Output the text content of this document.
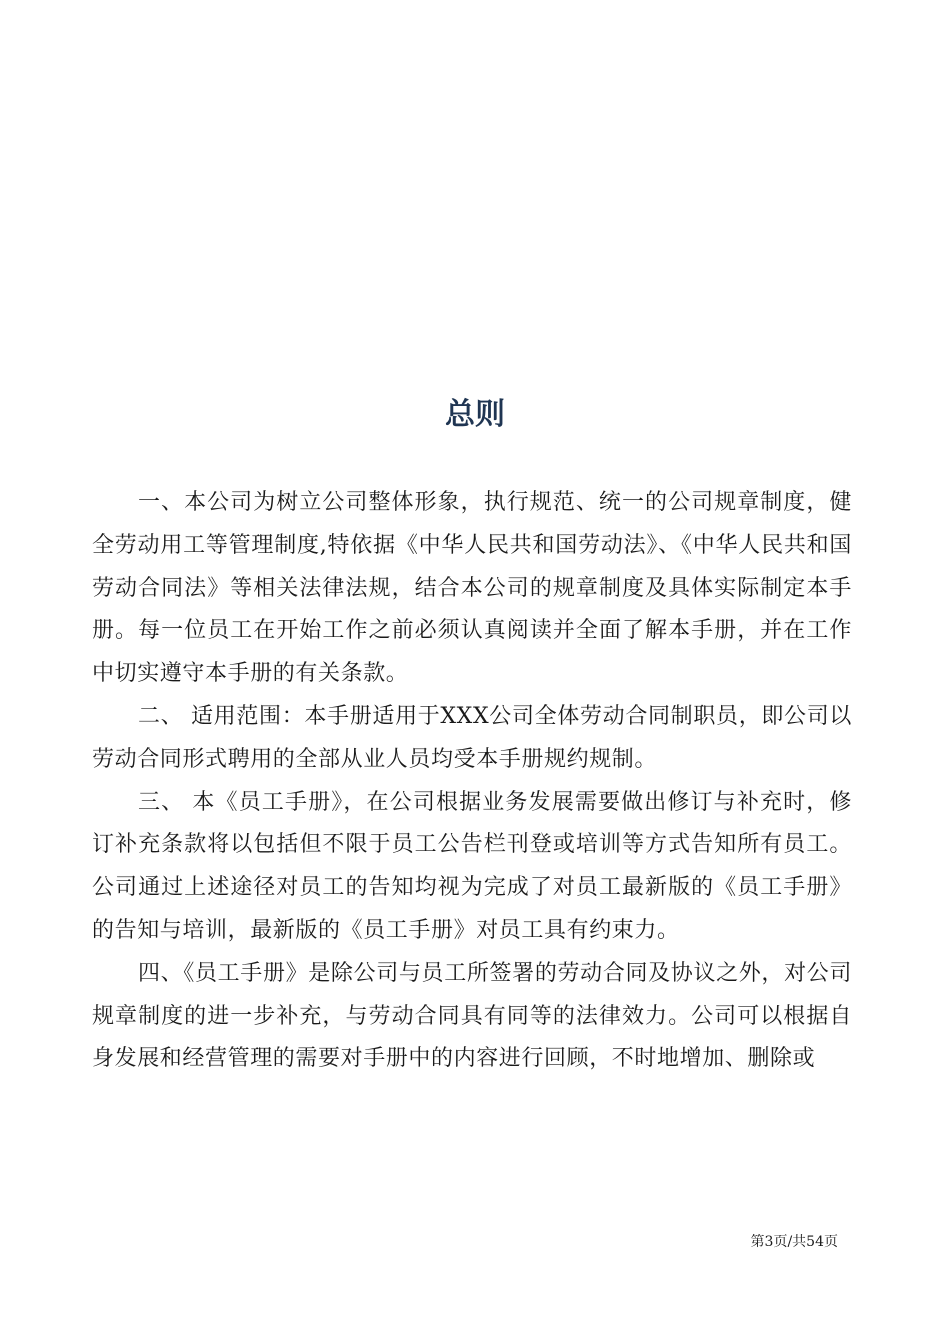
总则

一、本公司为树立公司整体形象，执行规范、统一的公司规章制度，健全劳动用工等管理制度,特依据《中华人民共和国劳动法》、《中华人民共和国劳动合同法》等相关法律法规，结合本公司的规章制度及具体实际制定本手册。每一位员工在开始工作之前必须认真阅读并全面了解本手册，并在工作中切实遵守本手册的有关条款。

二、 适用范围：本手册适用于XXX公司全体劳动合同制职员，即公司以劳动合同形式聘用的全部从业人员均受本手册规约规制。

三、 本《员工手册》，在公司根据业务发展需要做出修订与补充时，修订补充条款将以包括但不限于员工公告栏刊登或培训等方式告知所有员工。公司通过上述途径对员工的告知均视为完成了对员工最新版的《员工手册》的告知与培训，最新版的《员工手册》对员工具有约束力。

四、《员工手册》是除公司与员工所签署的劳动合同及协议之外，对公司规章制度的进一步补充，与劳动合同具有同等的法律效力。公司可以根据自身发展和经营管理的需要对手册中的内容进行回顾，不时地增加、删除或

第3页/共54页
